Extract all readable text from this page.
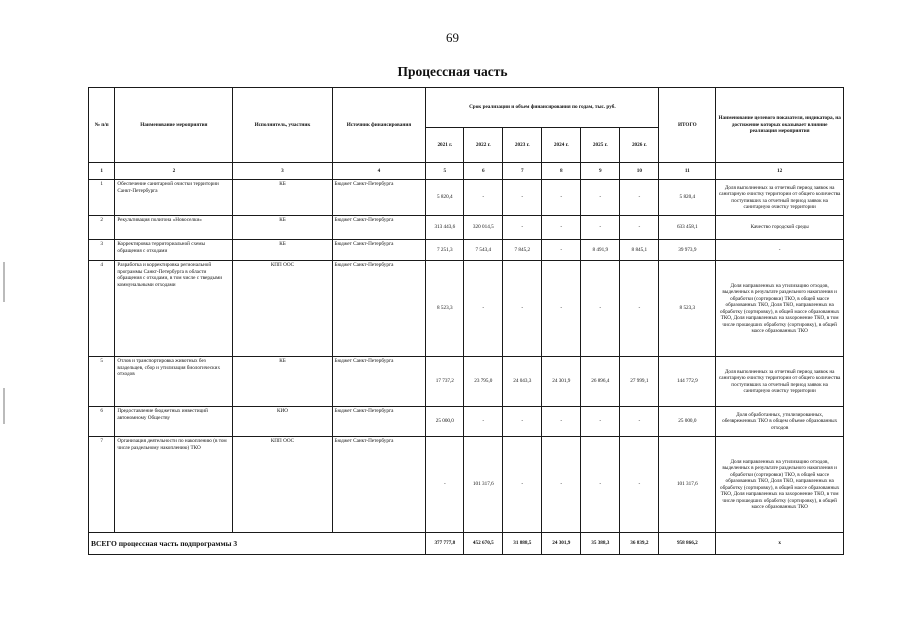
69
Процессная часть
№ п/п	Наименование мероприятия	Исполнитель, участник	Источник финансирования	Срок реализации и объем финансирования по годам, тыс. руб.						ИТОГО	Наименование целевого показателя, индикатора, на достижение которых оказывает влияние реализация мероприятия
				2021 г.	2022 г.	2023 г.	2024 г.	2025 г.	2026 г.		
1	2	3	4	5	6	7	8	9	10	11	12
1	Обеспечение санитарной очистки территории Санкт-Петербурга	КБ	Бюджет Санкт-Петербурга	5 820,4	-	-	-	-	-	5 820,4	Доля выполненных за отчетный период заявок на санитарную очистку территории от общего количества поступивших за отчетный период заявок на санитарную очистку территории
2	Рекультивация полигона «Новоселки»	КБ	Бюджет Санкт-Петербурга	313 443,6	320 014,5	-	-	-	-	633 458,1	Качество городской среды
3	Корректировка территориальной схемы обращения с отходами	КБ	Бюджет Санкт-Петербурга	7 251,3	7 543,4	7 845,2	-	8 491,9	8 845,1	39 973,9	-
4	Разработка и корректировка региональной программы Санкт-Петербурга в области обращения с отходами, в том числе с твердыми коммунальными отходами	КПП ООС	Бюджет Санкт-Петербурга	8 523,3	-	-	-	-	-	8 523,3	Доля направленных на утилизацию отходов, выделенных в результате раздельного накопления и обработки (сортировки) ТКО, в общей массе образованных ТКО, Доля ТКО, направленных на обработку (сортировку), в общей массе образованных ТКО, Доля направленных на захоронение ТКО, в том числе прошедших обработку (сортировку), в общей массе образованных ТКО
5	Отлов и транспортировка животных без владельцев, сбор и утилизация биологических отходов	КБ	Бюджет Санкт-Петербурга	17 737,2	23 795,0	24 043,3	24 301,9	26 896,4	27 999,1	144 772,9	Доля выполненных за отчетный период заявок на санитарную очистку территории от общего количества поступивших за отчетный период заявок на санитарную очистку территории
6	Предоставление бюджетных инвестиций автономному Обществу	КИО	Бюджет Санкт-Петербурга	25 000,0	-	-	-	-	-	25 000,0	Доля обработанных, утилизированных, обезвреженных ТКО в общем объеме образованных отходов
7	Организация деятельности по накоплению (в том числе раздельному накоплению) ТКО	КПП ООС	Бюджет Санкт-Петербурга	-	101 317,6	-	-	-	-	101 317,6	Доля направленных на утилизацию отходов, выделенных в результате раздельного накопления и обработки (сортировки) ТКО, в общей массе образованных ТКО, Доля ТКО, направленных на обработку (сортировку), в общей массе образованных ТКО, Доля направленных на захоронение ТКО, в том числе прошедших обработку (сортировку), в общей массе образованных ТКО
ВСЕГО процессная часть подпрограммы 3				377 777,8	452 670,5	31 888,5	24 301,9	35 388,3	36 839,2	958 866,2	х
